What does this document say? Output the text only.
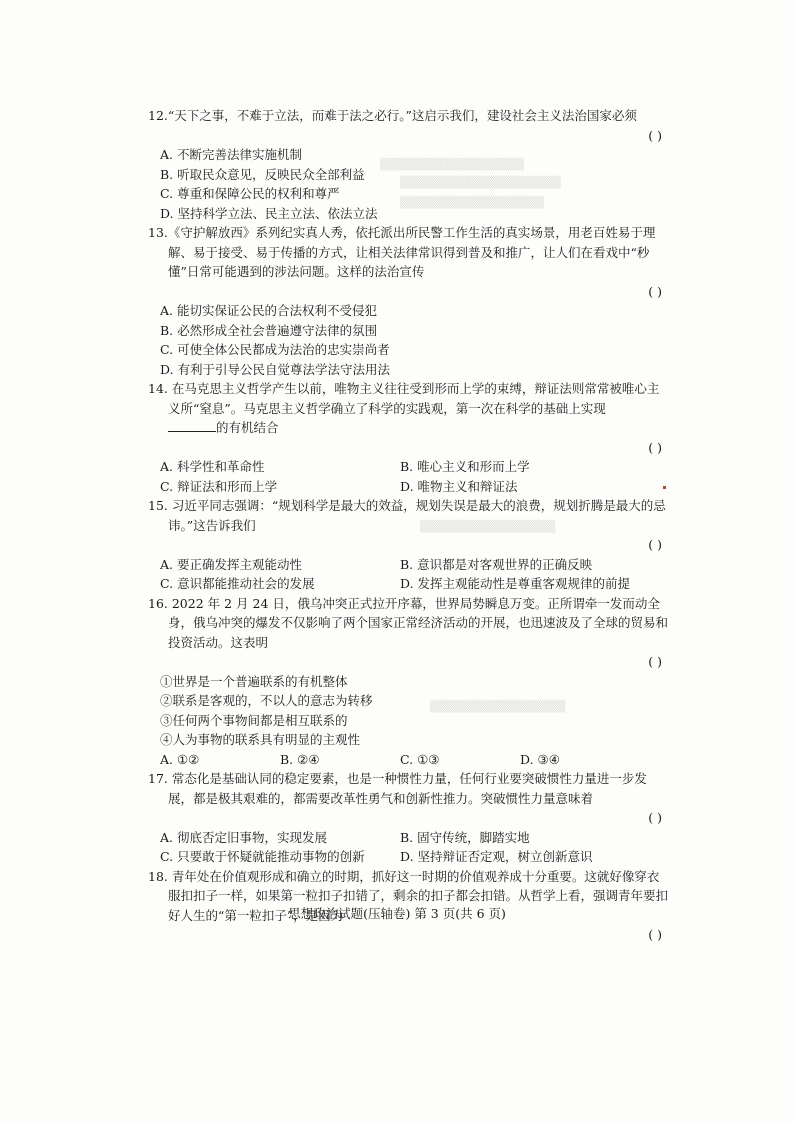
▒▒▒▒▒▒▒▒▒▒▒▒▒▒▒▒▒
▒▒▒▒▒▒▒▒▒▒▒▒▒▒▒▒▒▒▒
▒▒▒▒▒▒▒▒▒▒▒▒▒▒▒▒▒
▒▒▒▒▒▒▒▒▒▒▒▒▒▒▒▒
▒▒▒▒▒▒▒▒▒▒▒▒▒▒▒▒
12.“天下之事，不难于立法，而难于法之必行。”这启示我们，建设社会主义法治国家必须
( )
A. 不断完善法律实施机制
B. 听取民众意见，反映民众全部利益
C. 尊重和保障公民的权利和尊严
D. 坚持科学立法、民主立法、依法立法
13.《守护解放西》系列纪实真人秀，依托派出所民警工作生活的真实场景，用老百姓易于理解、易于接受、易于传播的方式，让相关法律常识得到普及和推广，让人们在看戏中“秒懂”日常可能遇到的涉法问题。这样的法治宣传
( )
A. 能切实保证公民的合法权利不受侵犯
B. 必然形成全社会普遍遵守法律的氛围
C. 可使全体公民都成为法治的忠实崇尚者
D. 有利于引导公民自觉尊法学法守法用法
14. 在马克思主义哲学产生以前，唯物主义往往受到形而上学的束缚，辩证法则常常被唯心主义所“窒息”。马克思主义哲学确立了科学的实践观，第一次在科学的基础上实现
的有机结合
( )
A. 科学性和革命性	B. 唯心主义和形而上学
C. 辩证法和形而上学	D. 唯物主义和辩证法
15. 习近平同志强调：“规划科学是最大的效益，规划失误是最大的浪费，规划折腾是最大的忌讳。”这告诉我们
( )
A. 要正确发挥主观能动性	B. 意识都是对客观世界的正确反映
C. 意识都能推动社会的发展	D. 发挥主观能动性是尊重客观规律的前提
16. 2022 年 2 月 24 日，俄乌冲突正式拉开序幕，世界局势瞬息万变。正所谓牵一发而动全身，俄乌冲突的爆发不仅影响了两个国家正常经济活动的开展，也迅速波及了全球的贸易和投资活动。这表明
( )
①世界是一个普遍联系的有机整体
②联系是客观的，不以人的意志为转移
③任何两个事物间都是相互联系的
④人为事物的联系具有明显的主观性
A. ①②	B. ②④	C. ①③	D. ③④
17. 常态化是基础认同的稳定要素，也是一种惯性力量，任何行业要突破惯性力量进一步发展，都是极其艰难的，都需要改革性勇气和创新性推力。突破惯性力量意味着
( )
A. 彻底否定旧事物，实现发展	B. 固守传统，脚踏实地
C. 只要敢于怀疑就能推动事物的创新	D. 坚持辩证否定观，树立创新意识
18. 青年处在价值观形成和确立的时期，抓好这一时期的价值观养成十分重要。这就好像穿衣服扣扣子一样，如果第一粒扣子扣错了，剩余的扣子都会扣错。从哲学上看，强调青年要扣好人生的“第一粒扣子”，是因为
( )
思想政治试题(压轴卷) 第 3 页(共 6 页)
